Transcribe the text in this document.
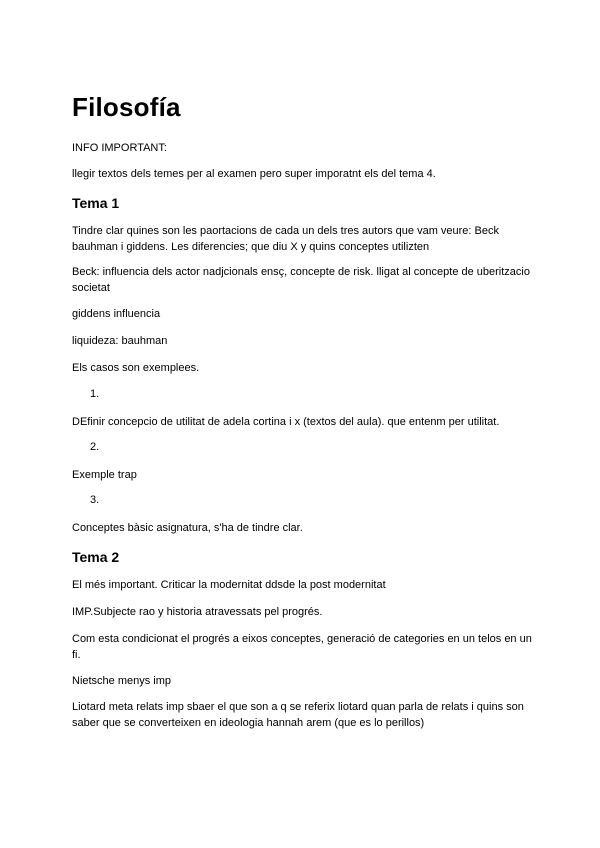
Filosofía

INFO IMPORTANT:

llegir textos dels temes per al examen pero super imporatnt els del tema 4.

Tema 1

Tindre clar quines son les paortacions de cada un dels tres autors que vam veure: Beck bauhman i giddens. Les diferencies; que diu X y quins conceptes utilizten

Beck: influencia dels actor nadjcionals ensç, concepte de risk. lligat al concepte de uberitzacio societat

giddens influencia

liquideza: bauhman

Els casos son exemplees.

1.

DEfinir concepcio de utilitat de adela cortina i x (textos del aula). que entenm per utilitat.

2.

Exemple trap

3.

Conceptes bàsic asignatura, s'ha de tindre clar.

Tema 2

El més important. Criticar la modernitat ddsde la post modernitat

IMP.Subjecte rao y historia atravessats pel progrés.

Com esta condicionat el progrés a eixos conceptes, generació de categories en un telos en un fi.

Nietsche menys imp

Liotard meta relats imp sbaer el que son a q se referix liotard quan parla de relats i quins son saber que se converteixen en ideologia hannah arem (que es lo perillos)
